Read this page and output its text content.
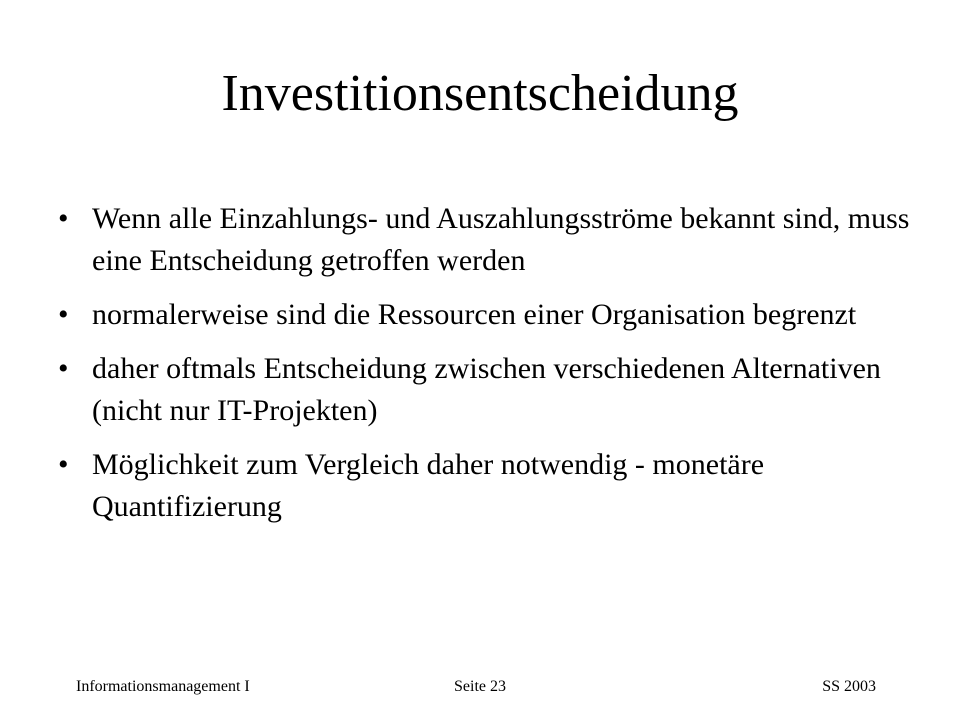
Investitionsentscheidung
• Wenn alle Einzahlungs- und Auszahlungsströme bekannt sind, muss eine Entscheidung getroffen werden
• normalerweise sind die Ressourcen einer Organisation begrenzt
• daher oftmals Entscheidung zwischen verschiedenen Alternativen (nicht nur IT-Projekten)
• Möglichkeit zum Vergleich daher notwendig - monetäre Quantifizierung
Informationsmanagement I	Seite 23	SS 2003
